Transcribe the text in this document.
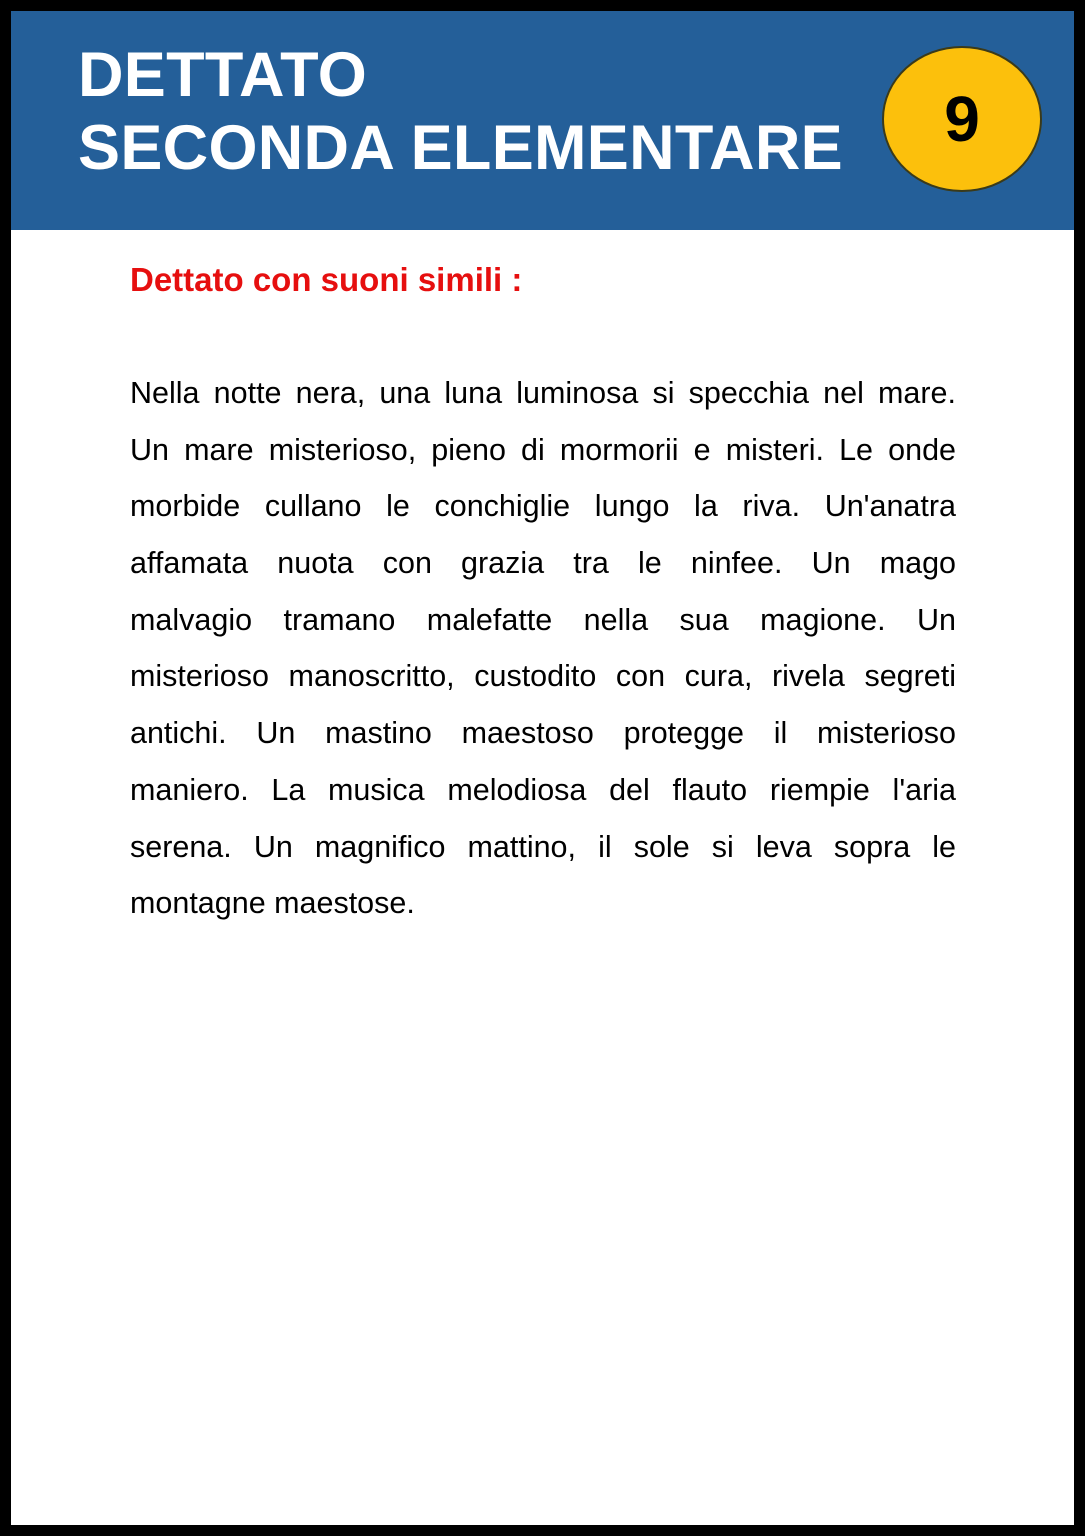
DETTATO
SECONDA ELEMENTARE	9
Dettato con suoni simili :
Nella notte nera, una luna luminosa si specchia nel mare.
Un mare misterioso, pieno di mormorii e misteri. Le onde
morbide cullano le conchiglie lungo la riva. Un'anatra
affamata nuota con grazia tra le ninfee. Un mago
malvagio tramano malefatte nella sua magione. Un
misterioso manoscritto, custodito con cura, rivela segreti
antichi. Un mastino maestoso protegge il misterioso
maniero. La musica melodiosa del flauto riempie l'aria
serena. Un magnifico mattino, il sole si leva sopra le
montagne maestose.
